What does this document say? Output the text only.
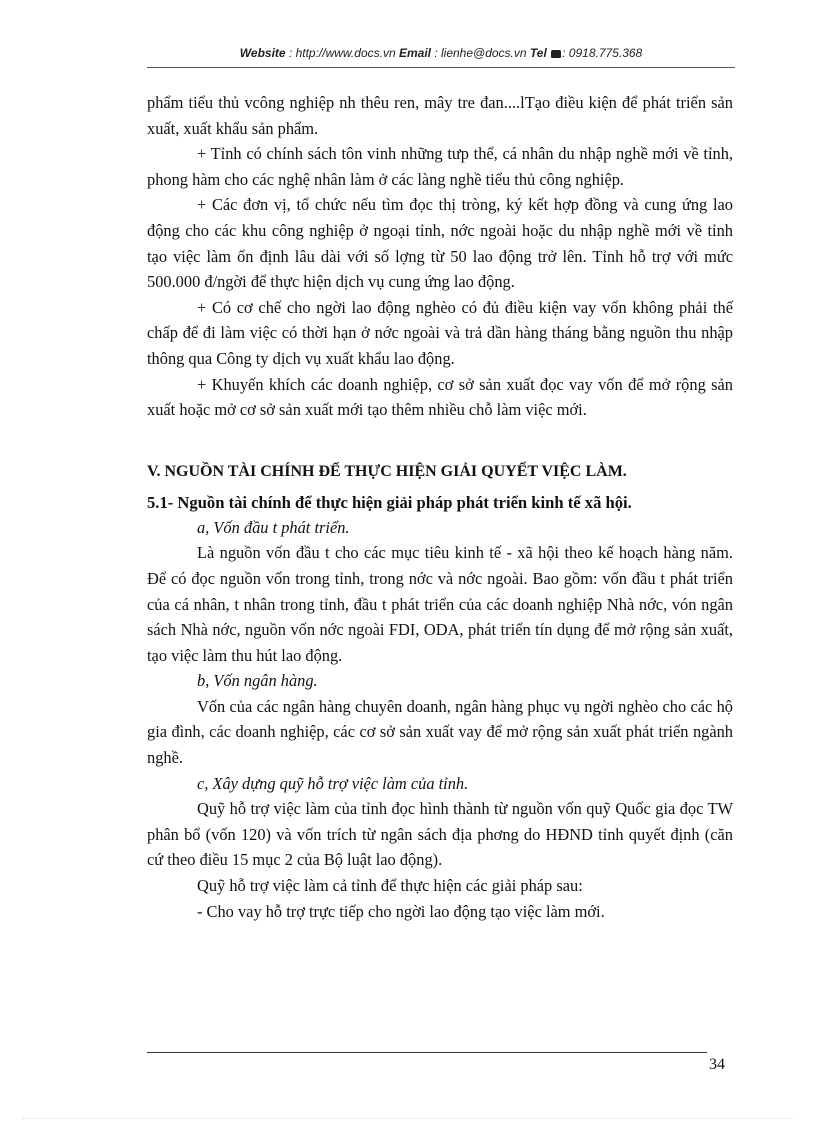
Website : http://www.docs.vn Email : lienhe@docs.vn Tel : 0918.775.368

phẩm tiểu thủ vcông nghiệp nh thêu ren, mây tre đan....lTạo điều kiện để phát triển sản xuất, xuất khẩu sản phẩm.

+ Tỉnh có chính sách tôn vinh những tưp thể, cá nhân du nhập nghề mới về tỉnh, phong hàm cho các nghệ nhân làm ở các làng nghề tiểu thủ công nghiệp.

+ Các đơn vị, tổ chức nếu tìm đọc thị tròng, ký kết hợp đồng và cung ứng lao động cho các khu công nghiệp ở ngoại tỉnh, nớc ngoài hoặc du nhập nghề mới về tỉnh tạo việc làm ổn định lâu dài với số lợng từ 50 lao động trở lên. Tỉnh hỗ trợ với mức 500.000 đ/ngời để thực hiện dịch vụ cung ứng lao động.

+ Có cơ chế cho ngời lao động nghèo có đủ điều kiện vay vốn không phải thế chấp để đi làm việc có thời hạn ở nớc ngoài và trả dần hàng tháng bằng nguồn thu nhập thông qua Công ty dịch vụ xuất khẩu lao động.

+ Khuyến khích các doanh nghiệp, cơ sở sản xuất đọc vay vốn để mở rộng sản xuất hoặc mở cơ sở sản xuất mới tạo thêm nhiều chỗ làm việc mới.

V. NGUỒN TÀI CHÍNH ĐỂ THỰC HIỆN GIẢI QUYẾT VIỆC LÀM.

5.1- Nguồn tài chính để thực hiện giải pháp phát triển kinh tế xã hội.

a, Vốn đầu t phát triển.

Là nguồn vốn đầu t cho các mục tiêu kinh tế - xã hội theo kế hoạch hàng năm. Để có đọc nguồn vốn trong tỉnh, trong nớc và nớc ngoài. Bao gồm: vốn đầu t phát triển của cá nhân, t nhân trong tỉnh, đầu t phát triển của các doanh nghiệp Nhà nớc, vón ngân sách Nhà nớc, nguồn vốn nớc ngoài FDI, ODA, phát triển tín dụng để mở rộng sản xuất, tạo việc làm thu hút lao động.

b, Vốn ngân hàng.

Vốn của các ngân hàng chuyên doanh, ngân hàng phục vụ ngời nghèo cho các hộ gia đình, các doanh nghiệp, các cơ sở sản xuất vay để mở rộng sản xuất phát triển ngành nghề.

c, Xây dựng quỹ hỗ trợ việc làm của tỉnh.

Quỹ hỗ trợ việc làm của tỉnh đọc hình thành từ nguồn vốn quỹ Quốc gia đọc TW phân bổ (vốn 120) và vốn trích từ ngân sách địa phơng do HĐND tỉnh quyết định (căn cứ theo điều 15 mục 2 của Bộ luật lao động).

Quỹ hỗ trợ việc làm cả tỉnh để thực hiện các giải pháp sau:

- Cho vay hỗ trợ trực tiếp cho ngời lao động tạo việc làm mới.

34
